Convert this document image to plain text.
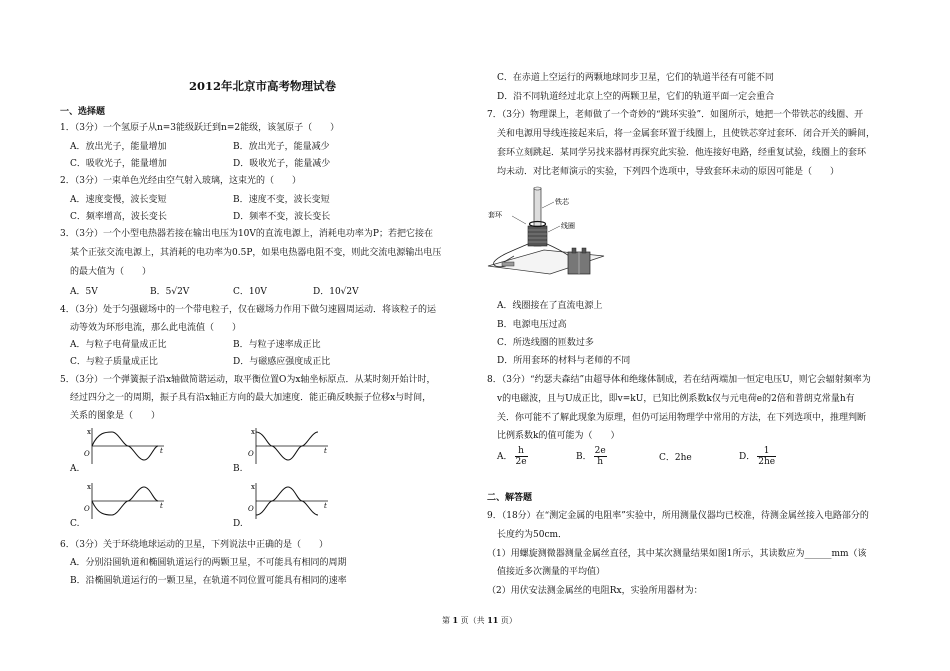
2012年北京市高考物理试卷
一、选择题
1．（3分）一个氢原子从n=3能级跃迁到n=2能级，该氢原子（　　）
A．放出光子，能量增加	B．放出光子，能量减少
C．吸收光子，能量增加	D．吸收光子，能量减少
2．（3分）一束单色光经由空气射入玻璃，这束光的（　　）
A．速度变慢，波长变短	B．速度不变，波长变短
C．频率增高，波长变长	D．频率不变，波长变长
3．（3分）一个小型电热器若接在输出电压为10V的直流电源上，消耗电功率为P；若把它接在
某个正弦交流电源上，其消耗的电功率为0.5P，如果电热器电阻不变，则此交流电源输出电压
的最大值为（　　）
A．5V	B．5√2V	C．10V	D．10√2V
4．（3分）处于匀强磁场中的一个带电粒子，仅在磁场力作用下做匀速圆周运动．将该粒子的运
动等效为环形电流，那么此电流值（　　）
A．与粒子电荷量成正比	B．与粒子速率成正比
C．与粒子质量成正比	D．与磁感应强度成正比
5．（3分）一个弹簧振子沿x轴做简谐运动，取平衡位置O为x轴坐标原点．从某时刻开始计时，
经过四分之一的周期，振子具有沿x轴正方向的最大加速度．能正确反映振子位移x与时间，
关系的图象是（　　）
x
t
O
x
t
O
A.	B.
x
t
O
x
t
O
C.	D.
6．（3分）关于环绕地球运动的卫星，下列说法中正确的是（　　）
A．分别沿圆轨道和椭圆轨道运行的两颗卫星，不可能具有相同的周期
B．沿椭圆轨道运行的一颗卫星，在轨道不同位置可能具有相同的速率
C．在赤道上空运行的两颗地球同步卫星，它们的轨道半径有可能不同
D．沿不同轨道经过北京上空的两颗卫星，它们的轨道平面一定会重合
7．（3分）物理课上，老师做了一个奇妙的“跳环实验”．如图所示，她把一个带铁芯的线圈、开
关和电源用导线连接起来后，将一金属套环置于线圈上，且使铁芯穿过套环．闭合开关的瞬间，
套环立刻跳起．某同学另找来器材再探究此实验．他连接好电路，经重复试验，线圈上的套环
均未动．对比老师演示的实验，下列四个选项中，导致套环未动的原因可能是（　　）
铁芯
套环
线圈
A．线圈接在了直流电源上
B．电源电压过高
C．所选线圈的匝数过多
D．所用套环的材料与老师的不同
8．（3分）“约瑟夫森结”由超导体和绝缘体制成，若在结两端加一恒定电压U，则它会辐射频率为
v的电磁波，且与U成正比，即v=kU，已知比例系数k仅与元电荷e的2倍和普朗克常量h有
关．你可能不了解此现象为原理，但仍可运用物理学中常用的方法，在下列选项中，推理判断
比例系数k的值可能为（　　）
A． $\frac{h}{2e}$	B． $\frac{2e}{h}$	C．2he	D． $\frac{1}{2he}$
二、解答题
9．（18分）在“测定金属的电阻率”实验中，所用测量仪器均已校准，待测金属丝接入电路部分的
长度约为50cm．
（1）用螺旋测微器测量金属丝直径，其中某次测量结果如图1所示，其读数应为______mm（该
值接近多次测量的平均值）
（2）用伏安法测金属丝的电阻Rx，实验所用器材为：
第 1 页（共 11 页）
